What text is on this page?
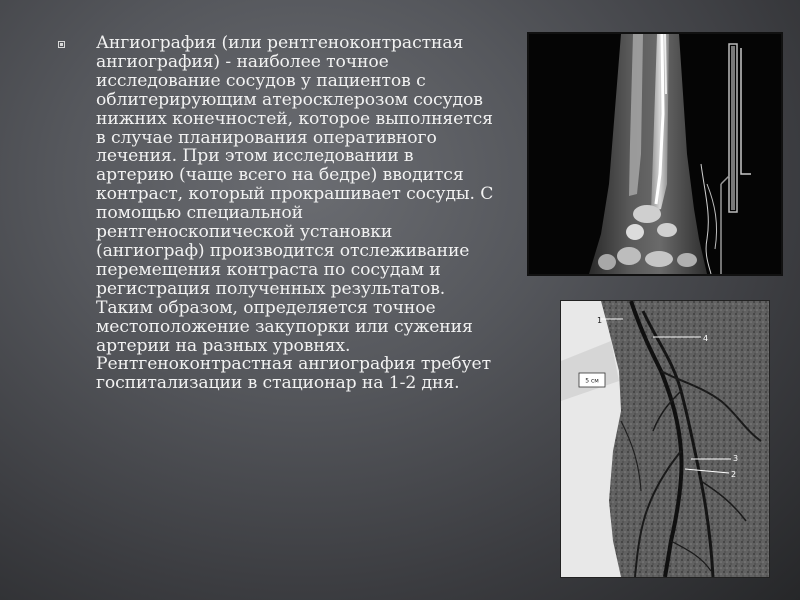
Ангиография (или рентгеноконтрастная ангиография) - наиболее точное исследование сосудов у пациентов с облитерирующим атеросклерозом сосудов нижних конечностей, которое выполняется в случае планирования оперативного лечения. При этом исследовании в артерию (чаще всего на бедре) вводится контраст, который прокрашивает сосуды. С помощью специальной рентгеноскопической установки (ангиограф) производится отслеживание перемещения контраста по сосудам и регистрация полученных результатов. Таким образом, определяется точное местоположение закупорки или сужения артерии на разных уровнях. Рентгеноконтрастная ангиография требует госпитализации в стационар на 1-2 дня.	5 см
1
4
3
2
